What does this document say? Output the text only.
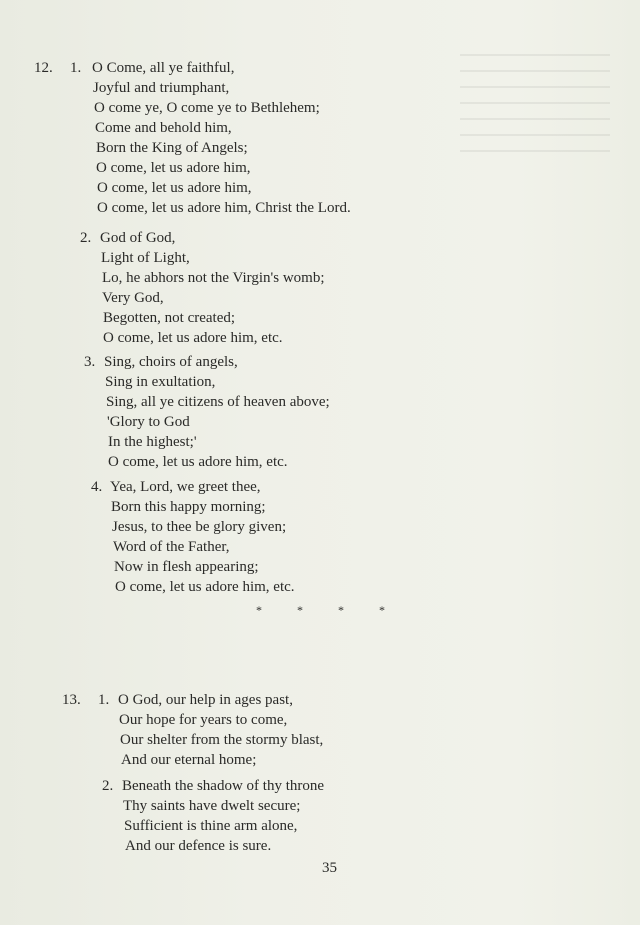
12. 1. O Come, all ye faithful,
Joyful and triumphant,
O come ye, O come ye to Bethlehem;
Come and behold him,
Born the King of Angels;
O come, let us adore him,
O come, let us adore him,
O come, let us adore him, Christ the Lord.
2. God of God,
Light of Light,
Lo, he abhors not the Virgin's womb;
Very God,
Begotten, not created;
O come, let us adore him, etc.
3. Sing, choirs of angels,
Sing in exultation,
Sing, all ye citizens of heaven above;
'Glory to God
In the highest;'
O come, let us adore him, etc.
4. Yea, Lord, we greet thee,
Born this happy morning;
Jesus, to thee be glory given;
Word of the Father,
Now in flesh appearing;
O come, let us adore him, etc.
*	*	*	*
13. 1. O God, our help in ages past,
Our hope for years to come,
Our shelter from the stormy blast,
And our eternal home;
2. Beneath the shadow of thy throne
Thy saints have dwelt secure;
Sufficient is thine arm alone,
And our defence is sure.
35
